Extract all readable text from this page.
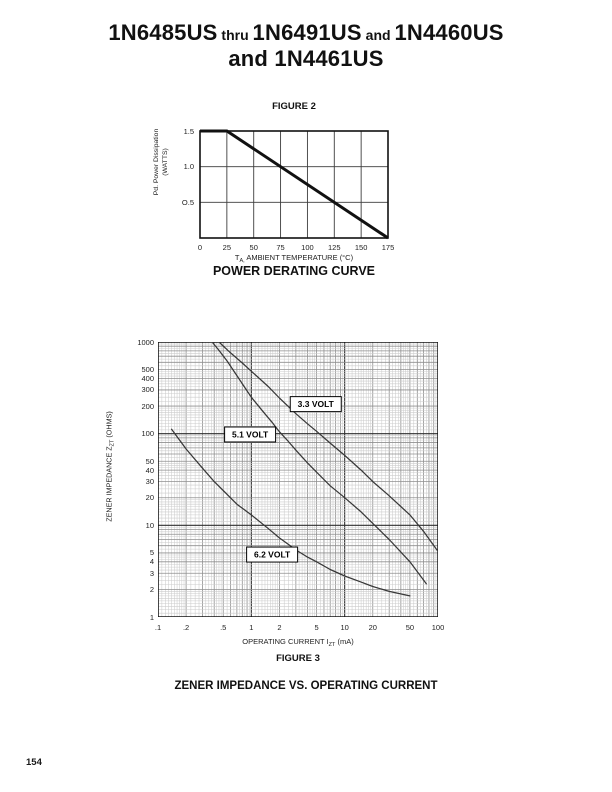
1N6485US thru 1N6491US and 1N4460US
and 1N4461US
FIGURE 2
Pd. Power Dissipation (WATTS)
$T_{A,}$ AMBIENT TEMPERATURE (°C)
POWER DERATING CURVE
ZENER IMPEDANCE $Z_{ZT}$ (OHMS)
3.3 VOLT
5.1 VOLT
6.2 VOLT
OPERATING CURRENT $I_{ZT}$ (mA)
FIGURE 3
ZENER IMPEDANCE VS. OPERATING CURRENT
154
0	25	50	75	100	125	150	175
1.5
1.0
O.5
.1	.2	.5	1	2	5	10	20	50	100
1000
500
400
300
200
100
50
40
30
20
10
5
4
3
2
1
